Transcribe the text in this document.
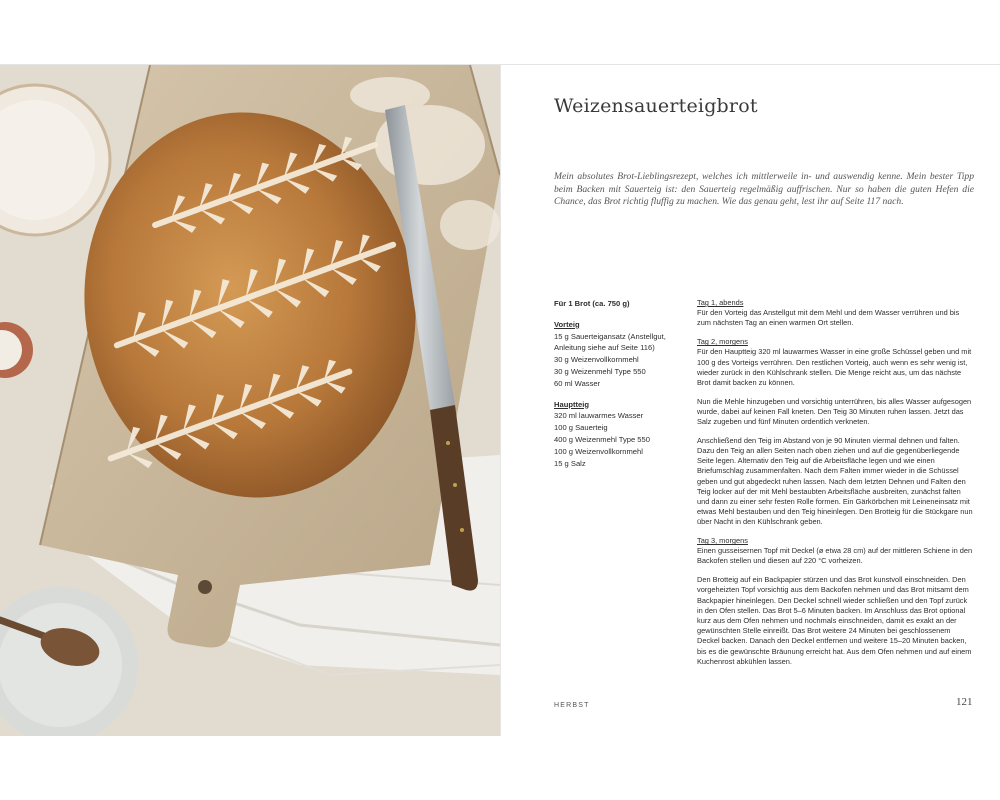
Weizensauerteigbrot

Mein absolutes Brot-Lieblingsrezept, welches ich mittlerweile in- und auswendig kenne. Mein bester Tipp beim Backen mit Sauerteig ist: den Sauerteig regelmäßig auffrischen. Nur so haben die guten Hefen die Chance, das Brot richtig fluffig zu machen. Wie das genau geht, lest ihr auf Seite 117 nach.

Für 1 Brot (ca. 750 g)
Vorteig
15 g Sauerteigansatz (Anstellgut, Anleitung siehe auf Seite 116)
30 g Weizenvollkornmehl
30 g Weizenmehl Type 550
60 ml Wasser
Hauptteig
320 ml lauwarmes Wasser
100 g Sauerteig
400 g Weizenmehl Type 550
100 g Weizenvollkornmehl
15 g Salz
Tag 1, abends

Für den Vorteig das Anstellgut mit dem Mehl und dem Wasser verrühren und bis zum nächsten Tag an einen warmen Ort stellen.

Tag 2, morgens

Für den Hauptteig 320 ml lauwarmes Wasser in eine große Schüssel geben und mit 100 g des Vorteigs verrühren. Den restlichen Vorteig, auch wenn es sehr wenig ist, wieder zurück in den Kühlschrank stellen. Die Menge reicht aus, um das nächste Brot damit backen zu können.

Nun die Mehle hinzugeben und vorsichtig unterrühren, bis alles Wasser aufgesogen wurde, dabei auf keinen Fall kneten. Den Teig 30 Minuten ruhen lassen. Jetzt das Salz zugeben und fünf Minuten ordentlich verkneten.

Anschließend den Teig im Abstand von je 90 Minuten viermal dehnen und falten. Dazu den Teig an allen Seiten nach oben ziehen und auf die gegenüberliegende Seite legen. Alternativ den Teig auf die Arbeitsfläche legen und wie einen Briefumschlag zusammenfalten. Nach dem Falten immer wieder in die Schüssel geben und gut abgedeckt ruhen lassen. Nach dem letzten Dehnen und Falten den Teig locker auf der mit Mehl bestaubten Arbeitsfläche ausbreiten, zunächst falten und dann zu einer sehr festen Rolle formen. Ein Gärkörbchen mit Leineneinsatz mit etwas Mehl bestauben und den Teig hineinlegen. Den Brotteig für die Stückgare nun über Nacht in den Kühlschrank geben.

Tag 3, morgens

Einen gusseisernen Topf mit Deckel (ø etwa 28 cm) auf der mittleren Schiene in den Backofen stellen und diesen auf 220 °C vorheizen.

Den Brotteig auf ein Backpapier stürzen und das Brot kunstvoll einschneiden. Den vorgeheizten Topf vorsichtig aus dem Backofen nehmen und das Brot mitsamt dem Backpapier hineinlegen. Den Deckel schnell wieder schließen und den Topf zurück in den Ofen stellen. Das Brot 5–6 Minuten backen. Im Anschluss das Brot optional kurz aus dem Ofen nehmen und nochmals einschneiden, damit es exakt an der gewünschten Stelle einreißt. Das Brot weitere 24 Minuten bei geschlossenem Deckel backen. Danach den Deckel entfernen und weitere 15–20 Minuten backen, bis es die gewünschte Bräunung erreicht hat. Aus dem Ofen nehmen und auf einem Kuchenrost abkühlen lassen.

HERBST	121
